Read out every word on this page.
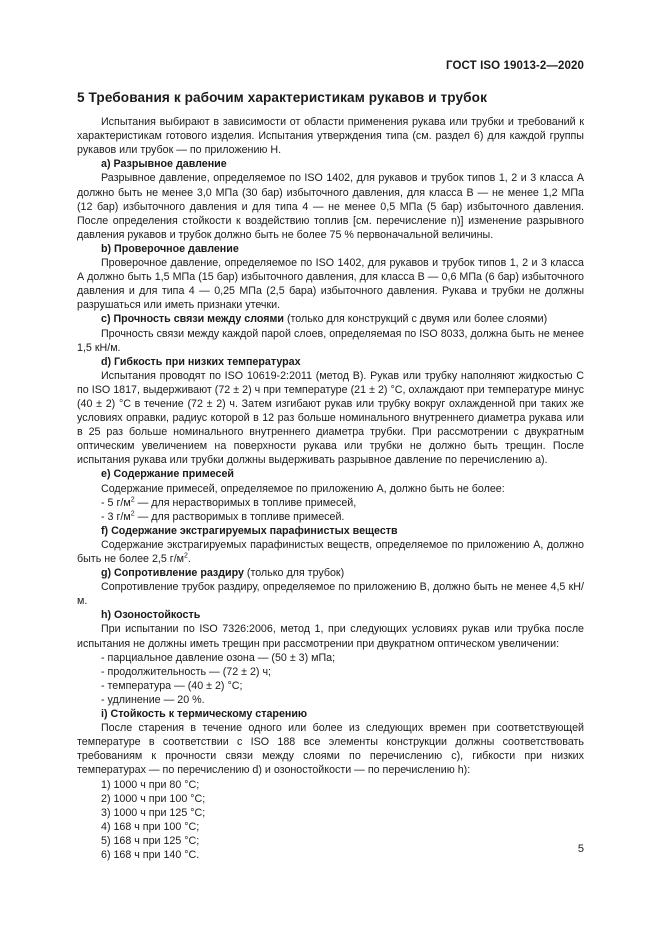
ГОСТ ISO 19013-2—2020
5 Требования к рабочим характеристикам рукавов и трубок

Испытания выбирают в зависимости от области применения рукава или трубки и требований к характеристикам готового изделия. Испытания утверждения типа (см. раздел 6) для каждой группы рукавов или трубок — по приложению Н.

а) Разрывное давление

Разрывное давление, определяемое по ISO 1402, для рукавов и трубок типов 1, 2 и 3 класса А должно быть не менее 3,0 МПа (30 бар) избыточного давления, для класса В — не менее 1,2 МПа (12 бар) избыточного давления и для типа 4 — не менее 0,5 МПа (5 бар) избыточного давления. После определения стойкости к воздействию топлив [см. перечисление n)] изменение разрывного давления рукавов и трубок должно быть не более 75 % первоначальной величины.

b) Проверочное давление

Проверочное давление, определяемое по ISO 1402, для рукавов и трубок типов 1, 2 и 3 класса А должно быть 1,5 МПа (15 бар) избыточного давления, для класса В — 0,6 МПа (6 бар) избыточного давления и для типа 4 — 0,25 МПа (2,5 бара) избыточного давления. Рукава и трубки не должны разрушаться или иметь признаки утечки.

с) Прочность связи между слоями (только для конструкций с двумя или более слоями)

Прочность связи между каждой парой слоев, определяемая по ISO 8033, должна быть не менее 1,5 кН/м.

d) Гибкость при низких температурах

Испытания проводят по ISO 10619-2:2011 (метод В). Рукав или трубку наполняют жидкостью С по ISO 1817, выдерживают (72 ± 2) ч при температуре (21 ± 2) °С, охлаждают при температуре минус (40 ± 2) °С в течение (72 ± 2) ч. Затем изгибают рукав или трубку вокруг охлажденной при таких же условиях оправки, радиус которой в 12 раз больше номинального внутреннего диаметра рукава или в 25 раз больше номинального внутреннего диаметра трубки. При рассмотрении с двукратным оптическим увеличением на поверхности рукава или трубки не должно быть трещин. После испытания рукава или трубки должны выдерживать разрывное давление по перечислению а).

е) Содержание примесей

Содержание примесей, определяемое по приложению А, должно быть не более:

- 5 $г/м^2$ — для нерастворимых в топливе примесей,

- 3 $г/м^2$ — для растворимых в топливе примесей.

f) Содержание экстрагируемых парафинистых веществ

Содержание экстрагируемых парафинистых веществ, определяемое по приложению А, должно быть не более 2,5 $г/м^2$.

g) Сопротивление раздиру (только для трубок)

Сопротивление трубок раздиру, определяемое по приложению В, должно быть не менее 4,5 кН/м.

h) Озоностойкость

При испытании по ISO 7326:2006, метод 1, при следующих условиях рукав или трубка после испытания не должны иметь трещин при рассмотрении при двукратном оптическом увеличении:

- парциальное давление озона — (50 ± 3) мПа;

- продолжительность — (72 ± 2) ч;

- температура — (40 ± 2) °С;

- удлинение — 20 %.

i) Стойкость к термическому старению

После старения в течение одного или более из следующих времен при соответствующей температуре в соответствии с ISO 188 все элементы конструкции должны соответствовать требованиям к прочности связи между слоями по перечислению с), гибкости при низких температурах — по перечислению d) и озоностойкости — по перечислению h):

1) 1000 ч при 80 °С;

2) 1000 ч при 100 °С;

3) 1000 ч при 125 °С;

4) 168 ч при 100 °С;

5) 168 ч при 125 °С;

6) 168 ч при 140 °С.	5
